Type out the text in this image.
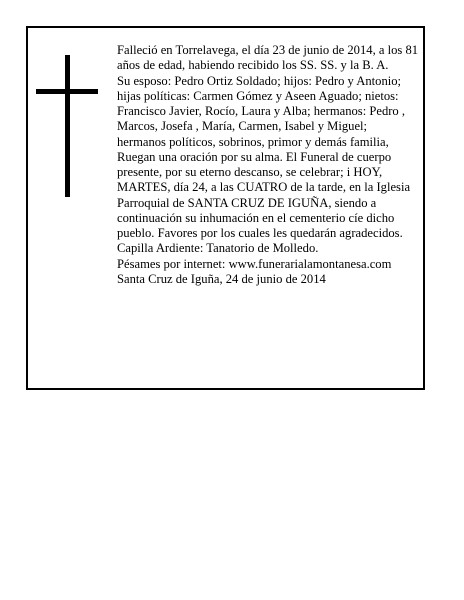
Falleció en Torrelavega, el día 23 de junio de 2014, a los 81 años de edad, habiendo recibido los SS. SS. y la B. A.

Su esposo: Pedro Ortiz Soldado; hijos: Pedro y Antonio; hijas políticas: Carmen Gómez y Aseen Aguado; nietos: Francisco Javier, Rocío, Laura y Alba; hermanos: Pedro , Marcos, Josefa , María, Carmen, Isabel y Miguel; hermanos políticos, sobrinos, primor y demás familia,

Ruegan una oración por su alma. El Funeral de cuerpo presente, por su eterno descanso, se celebrar; i HOY, MARTES, día 24, a las CUATRO de la tarde, en la Iglesia Parroquial de SANTA CRUZ DE IGUÑA, siendo a continuación su inhumación en el cementerio cíe dicho pueblo. Favores por los cuales les quedarán agradecidos. Capilla Ardiente: Tanatorio de Molledo.

Pésames por internet: www.funerarialamontanesa.com

Santa Cruz de Iguña, 24 de junio de 2014
